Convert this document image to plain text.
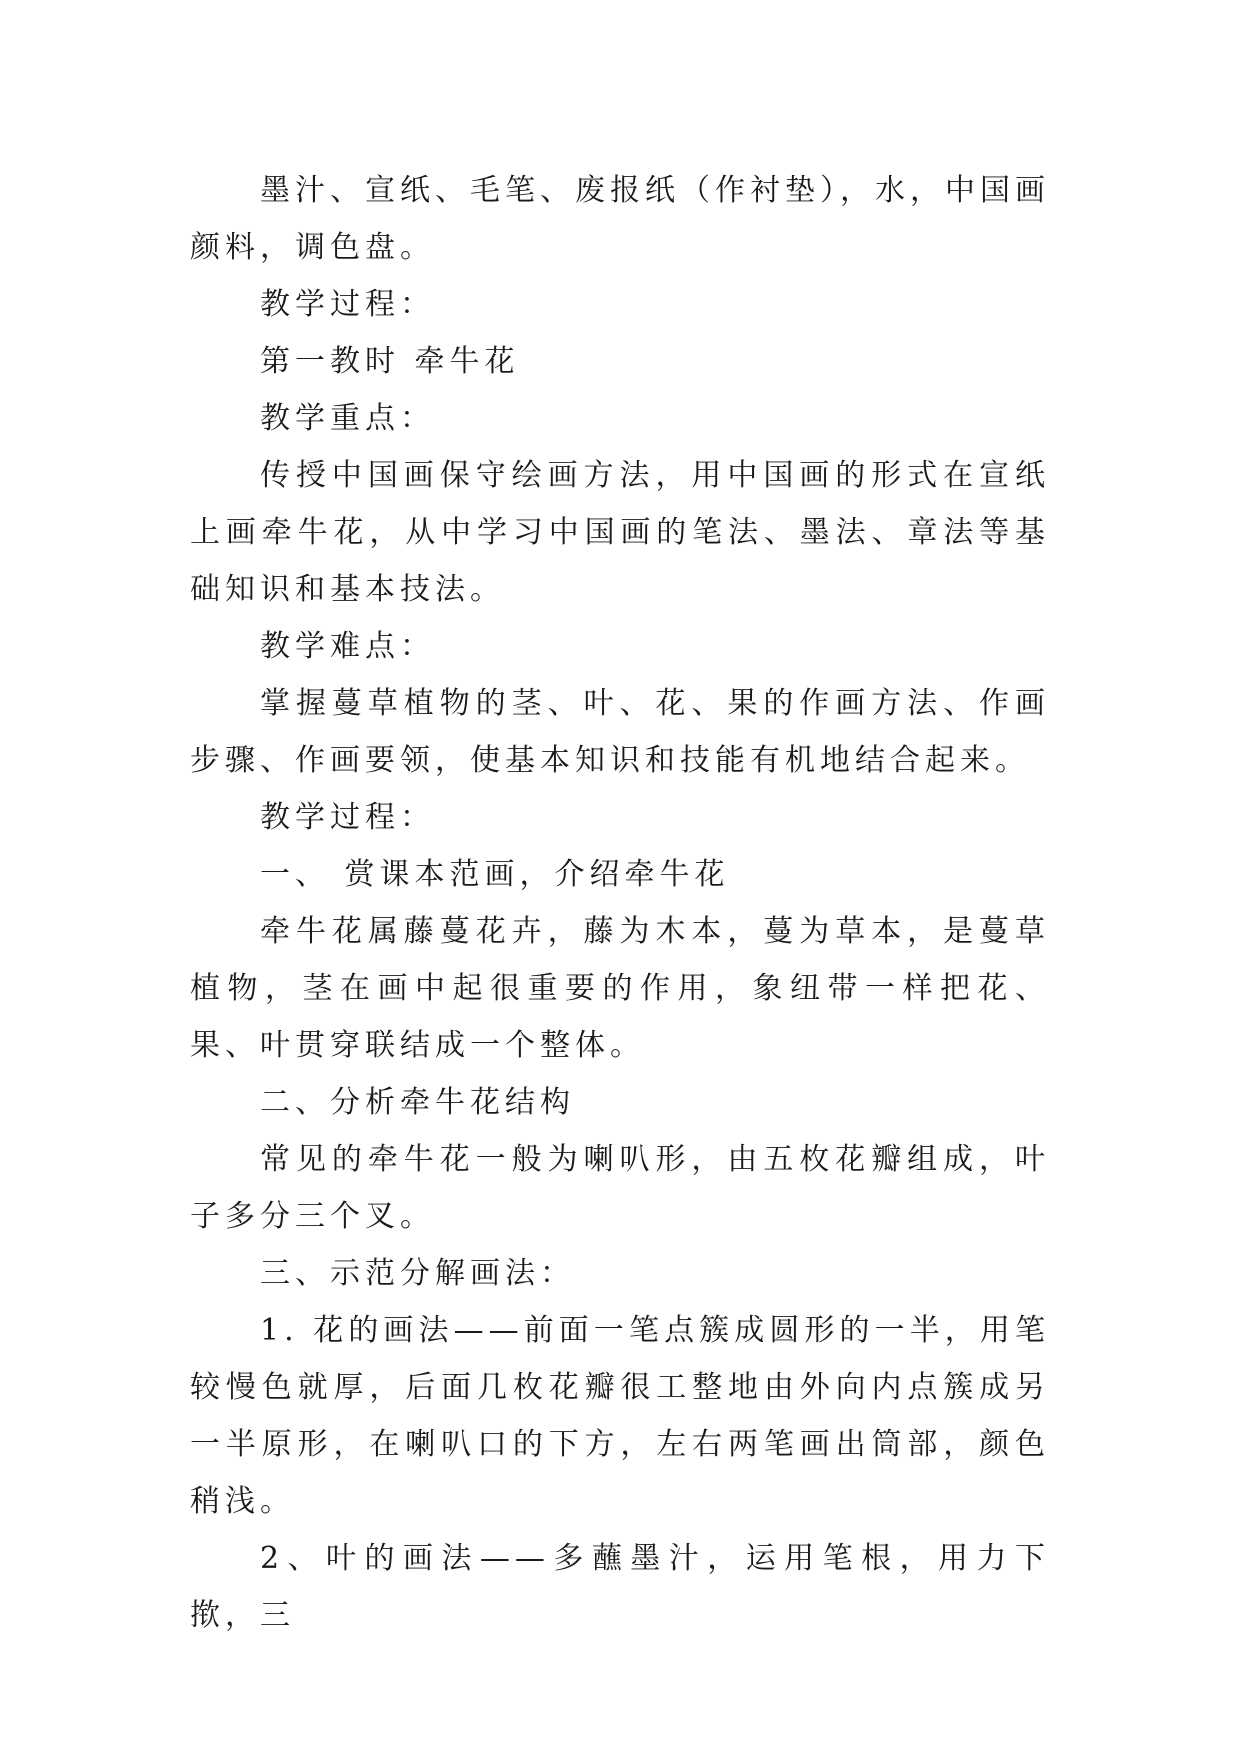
墨汁、宣纸、毛笔、废报纸（作衬垫），水，中国画颜料，调色盘。

教学过程：

第一教时 牵牛花

教学重点：

传授中国画保守绘画方法，用中国画的形式在宣纸上画牵牛花，从中学习中国画的笔法、墨法、章法等基础知识和基本技法。

教学难点：

掌握蔓草植物的茎、叶、花、果的作画方法、作画步骤、作画要领，使基本知识和技能有机地结合起来。

教学过程：

一、 赏课本范画，介绍牵牛花

牵牛花属藤蔓花卉，藤为木本，蔓为草本，是蔓草植物，茎在画中起很重要的作用，象纽带一样把花、果、叶贯穿联结成一个整体。

二、分析牵牛花结构

常见的牵牛花一般为喇叭形，由五枚花瓣组成，叶子多分三个叉。

三、示范分解画法：

1. 花的画法——前面一笔点簇成圆形的一半，用笔较慢色就厚，后面几枚花瓣很工整地由外向内点簇成另一半原形，在喇叭口的下方，左右两笔画出筒部，颜色稍浅。

2、叶的画法——多蘸墨汁，运用笔根，用力下揿，三
